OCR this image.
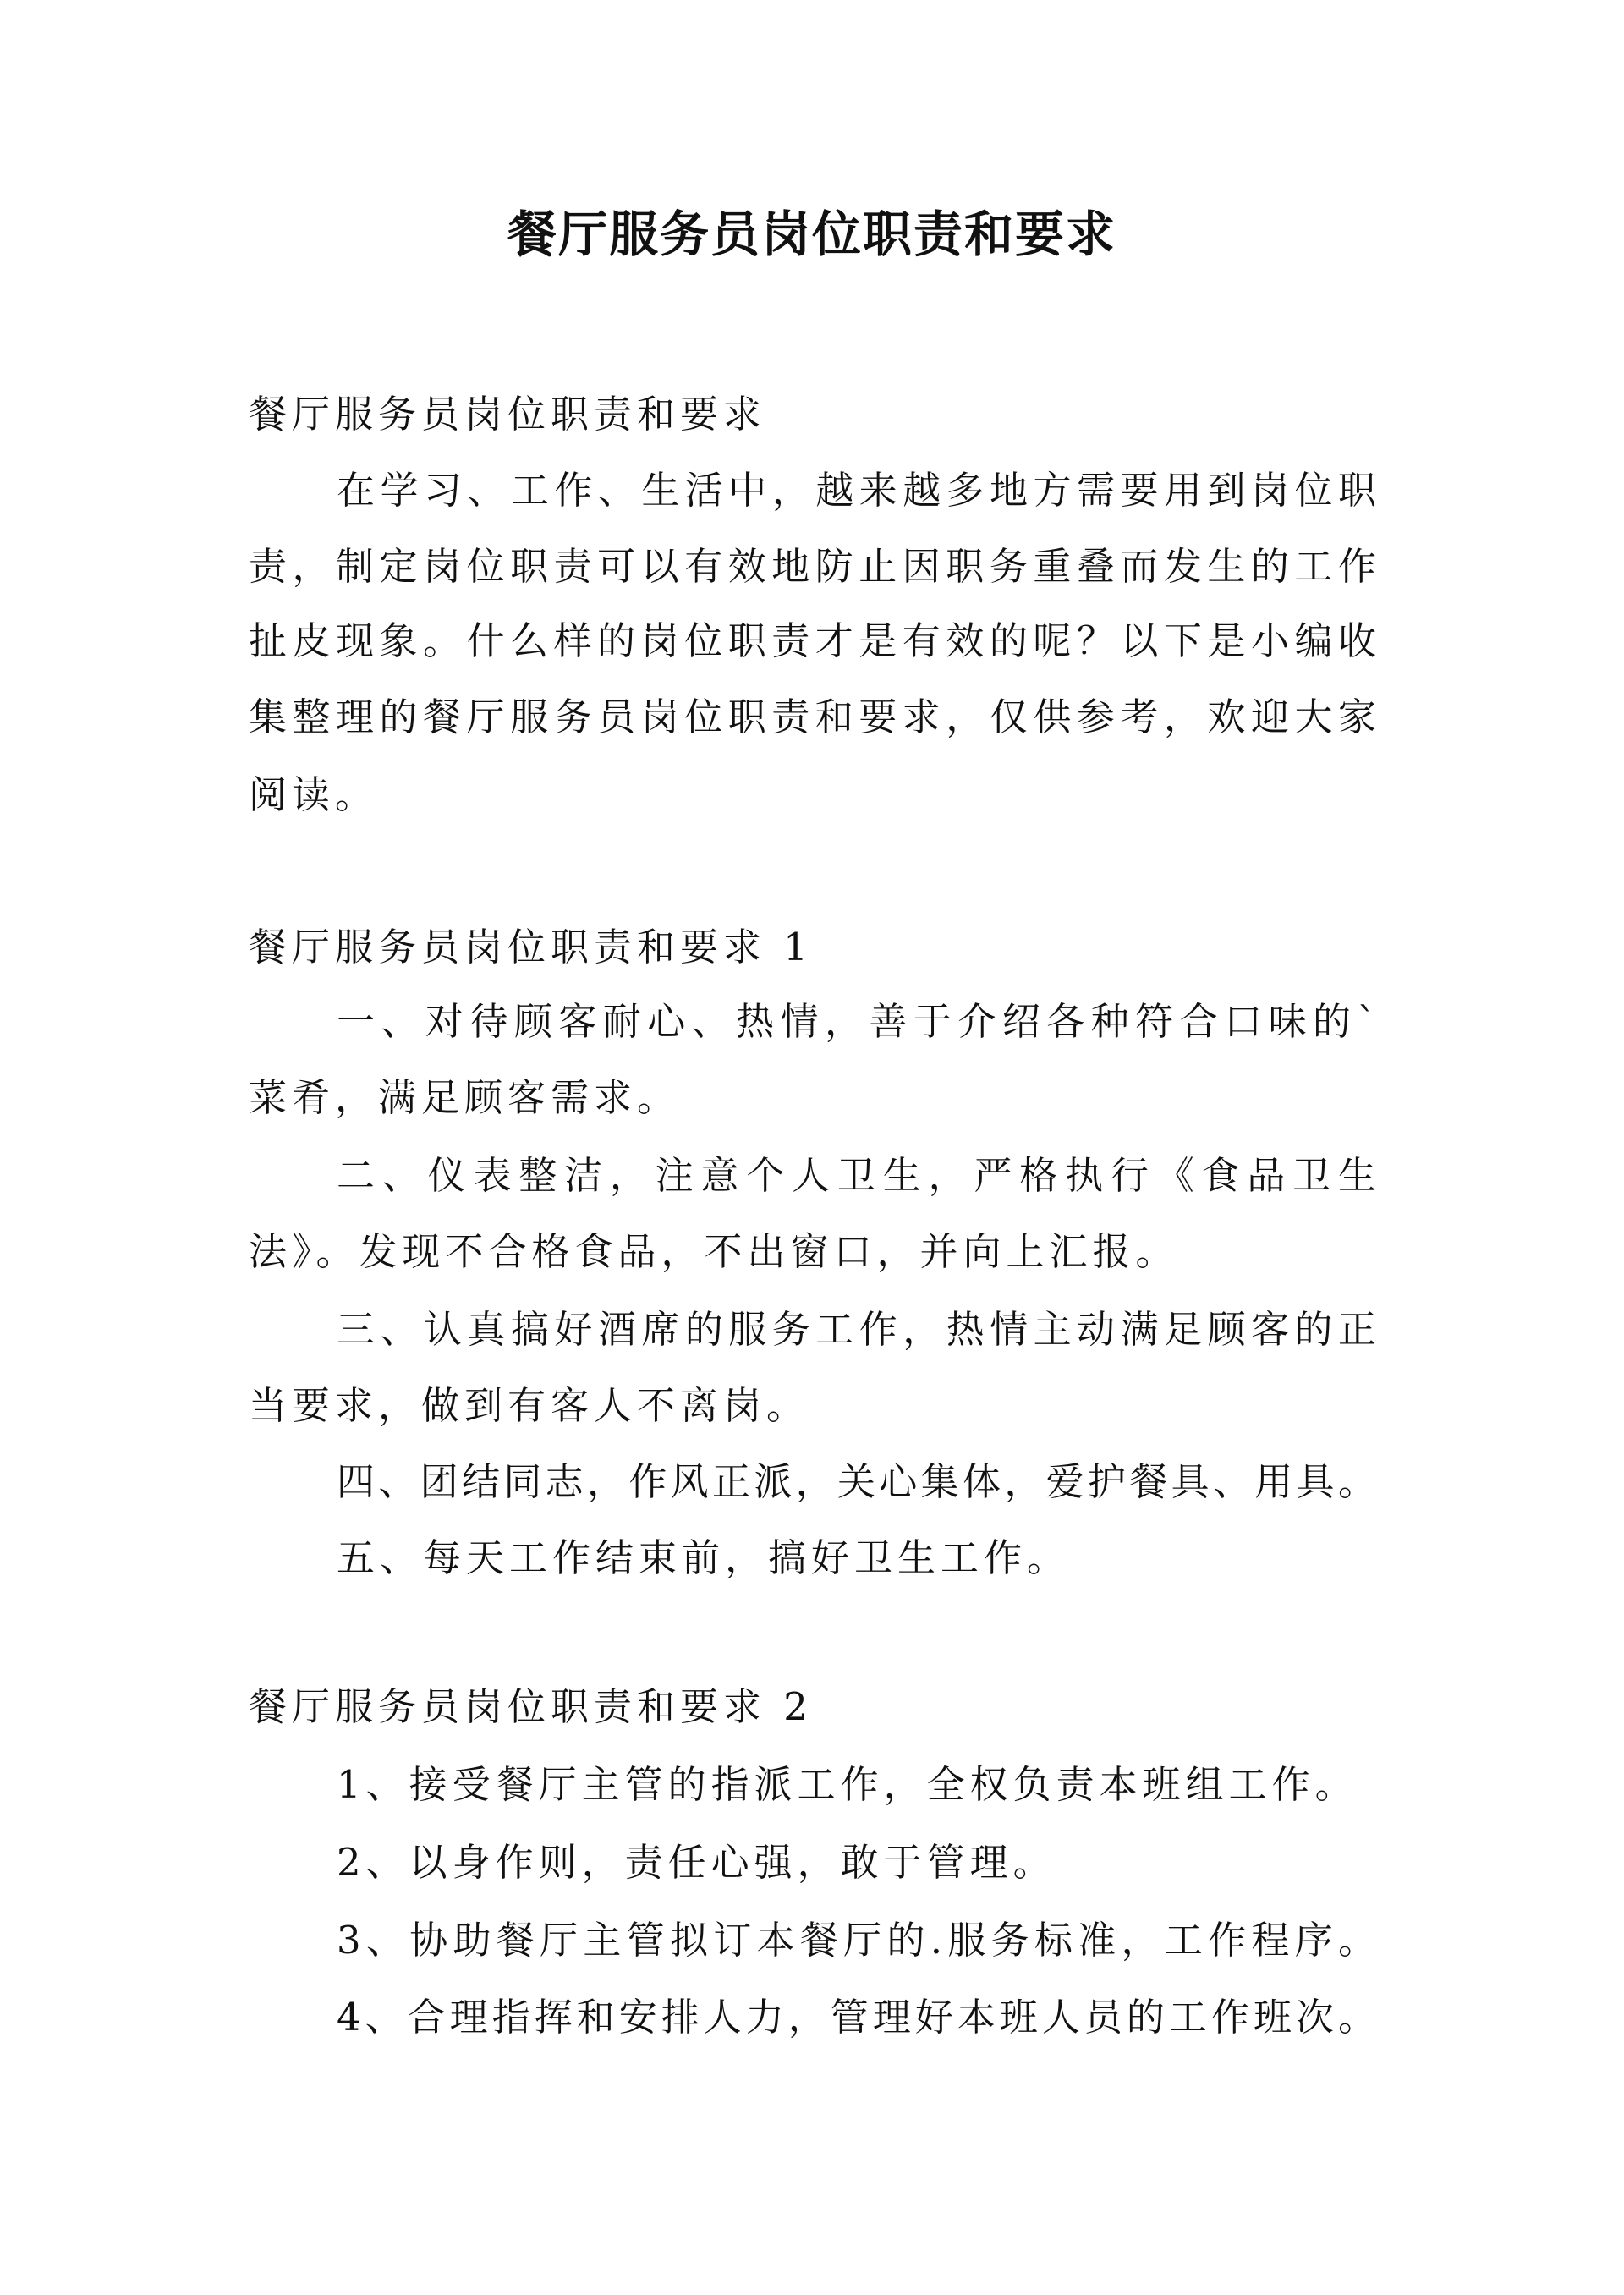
餐厅服务员岗位职责和要求
餐厅服务员岗位职责和要求
在学习、工作、生活中，越来越多地方需要用到岗位职
责，制定岗位职责可以有效地防止因职务重叠而发生的工作
扯皮现象。什么样的岗位职责才是有效的呢？以下是小编收
集整理的餐厅服务员岗位职责和要求，仅供参考，欢迎大家
阅读。
餐厅服务员岗位职责和要求 1
一、对待顾客耐心、热情，善于介绍各种符合口味的`
菜肴，满足顾客需求。
二、仪表整洁，注意个人卫生，严格执行《食品卫生
法》。发现不合格食品，不出窗口，并向上汇报。
三、认真搞好酒席的服务工作，热情主动满足顾客的正
当要求，做到有客人不离岗。
四、团结同志，作风正派，关心集体，爱护餐具、用具。
五、每天工作结束前，搞好卫生工作。
餐厅服务员岗位职责和要求 2
1、接受餐厅主管的指派工作，全权负责本班组工作。
2、以身作则，责任心强，敢于管理。
3、协助餐厅主管拟订本餐厅的.服务标准，工作程序。
4、合理指挥和安排人力，管理好本班人员的工作班次。
